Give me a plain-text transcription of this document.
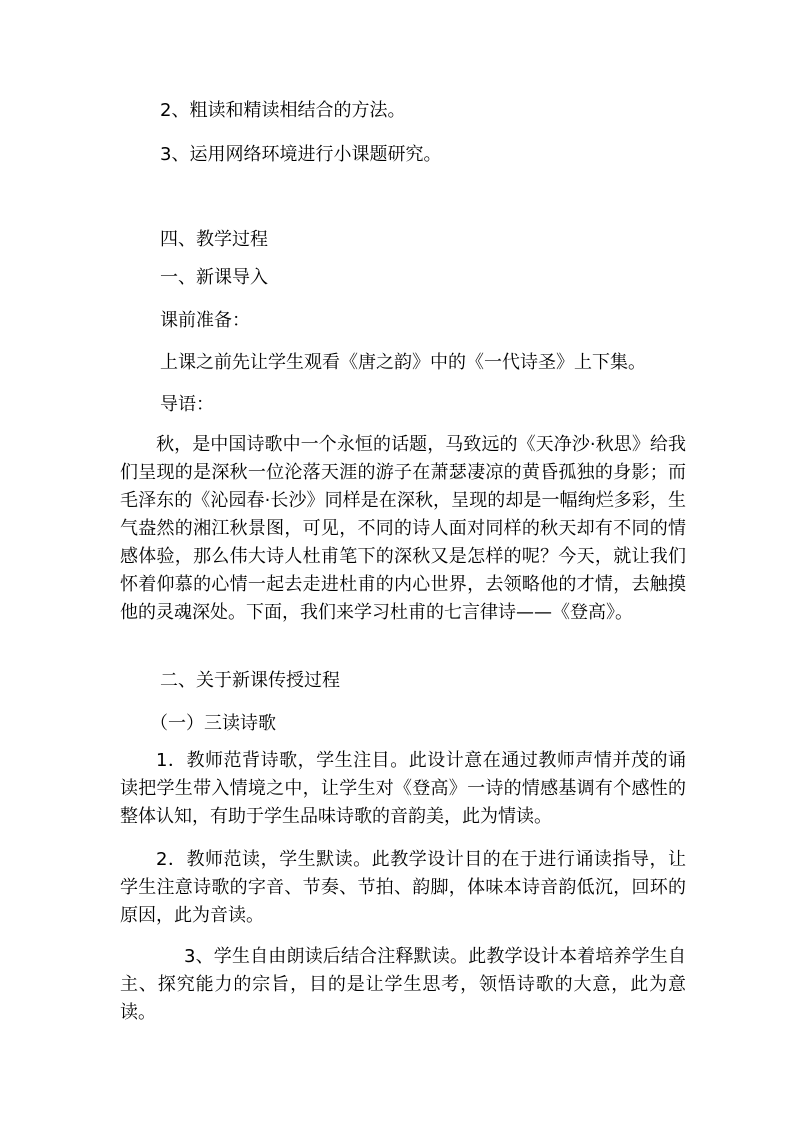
2、粗读和精读相结合的方法。
3、运用网络环境进行小课题研究。
四、教学过程
一、新课导入
课前准备：
上课之前先让学生观看《唐之韵》中的《一代诗圣》上下集。
导语：

秋，是中国诗歌中一个永恒的话题，马致远的《天净沙·秋思》给我们呈现的是深秋一位沦落天涯的游子在萧瑟凄凉的黄昏孤独的身影；而毛泽东的《沁园春·长沙》同样是在深秋，呈现的却是一幅绚烂多彩，生气盎然的湘江秋景图，可见，不同的诗人面对同样的秋天却有不同的情感体验，那么伟大诗人杜甫笔下的深秋又是怎样的呢？今天，就让我们怀着仰慕的心情一起去走进杜甫的内心世界，去领略他的才情，去触摸他的灵魂深处。下面，我们来学习杜甫的七言律诗——《登高》。

二、关于新课传授过程
（一）三读诗歌

1．教师范背诗歌，学生注目。此设计意在通过教师声情并茂的诵读把学生带入情境之中，让学生对《登高》一诗的情感基调有个感性的整体认知，有助于学生品味诗歌的音韵美，此为情读。

2．教师范读，学生默读。此教学设计目的在于进行诵读指导，让学生注意诗歌的字音、节奏、节拍、韵脚，体味本诗音韵低沉，回环的原因，此为音读。

3、学生自由朗读后结合注释默读。此教学设计本着培养学生自主、探究能力的宗旨，目的是让学生思考，领悟诗歌的大意，此为意读。
